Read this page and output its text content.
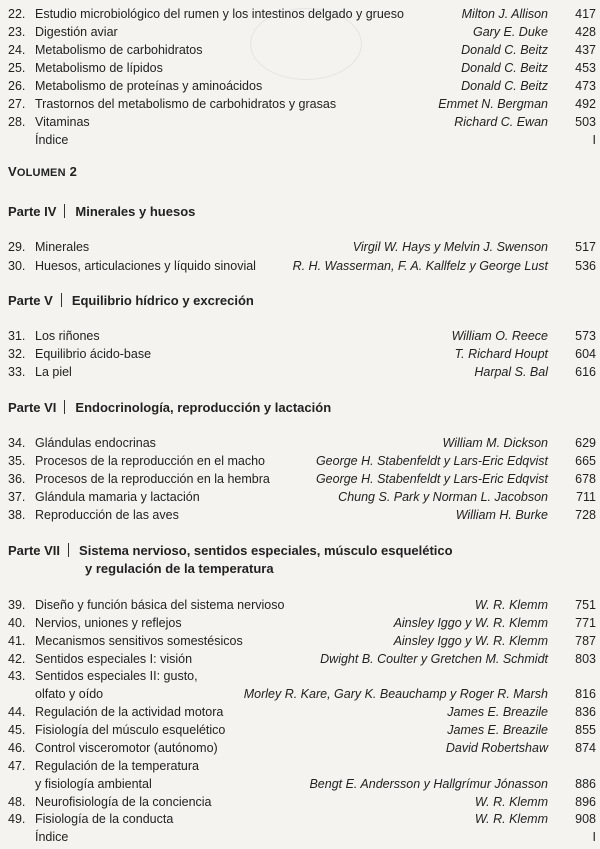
22. Estudio microbiológico del rumen y los intestinos delgado y grueso	Milton J. Allison 417
23. Digestión aviar	Gary E. Duke 428
24. Metabolismo de carbohidratos	Donald C. Beitz 437
25. Metabolismo de lípidos	Donald C. Beitz 453
26. Metabolismo de proteínas y aminoácidos	Donald C. Beitz 473
27. Trastornos del metabolismo de carbohidratos y grasas	Emmet N. Bergman 492
28. Vitaminas	Richard C. Ewan 503
Índice	I
VOLUMEN 2
Parte IV Minerales y huesos
29. Minerales	Virgil W. Hays y Melvin J. Swenson 517
30. Huesos, articulaciones y líquido sinovial	R. H. Wasserman, F. A. Kallfelz y George Lust 536
Parte V Equilibrio hídrico y excreción
31. Los riñones	William O. Reece 573
32. Equilibrio ácido-base	T. Richard Houpt 604
33. La piel	Harpal S. Bal 616
Parte VI Endocrinología, reproducción y lactación
34. Glándulas endocrinas	William M. Dickson 629
35. Procesos de la reproducción en el macho	George H. Stabenfeldt y Lars-Eric Edqvist 665
36. Procesos de la reproducción en la hembra	George H. Stabenfeldt y Lars-Eric Edqvist 678
37. Glándula mamaria y lactación	Chung S. Park y Norman L. Jacobson 711
38. Reproducción de las aves	William H. Burke 728
Parte VII Sistema nervioso, sentidos especiales, músculo esquelético
y regulación de la temperatura
39. Diseño y función básica del sistema nervioso	W. R. Klemm 751
40. Nervios, uniones y reflejos	Ainsley Iggo y W. R. Klemm 771
41. Mecanismos sensitivos somestésicos	Ainsley Iggo y W. R. Klemm 787
42. Sentidos especiales I: visión	Dwight B. Coulter y Gretchen M. Schmidt 803
43. Sentidos especiales II: gusto,
olfato y oído	Morley R. Kare, Gary K. Beauchamp y Roger R. Marsh 816
44. Regulación de la actividad motora	James E. Breazile 836
45. Fisiología del músculo esquelético	James E. Breazile 855
46. Control visceromotor (autónomo)	David Robertshaw 874
47. Regulación de la temperatura
y fisiología ambiental	Bengt E. Andersson y Hallgrímur Jónasson 886
48. Neurofisiología de la conciencia	W. R. Klemm 896
49. Fisiología de la conducta	W. R. Klemm 908
Índice	I
